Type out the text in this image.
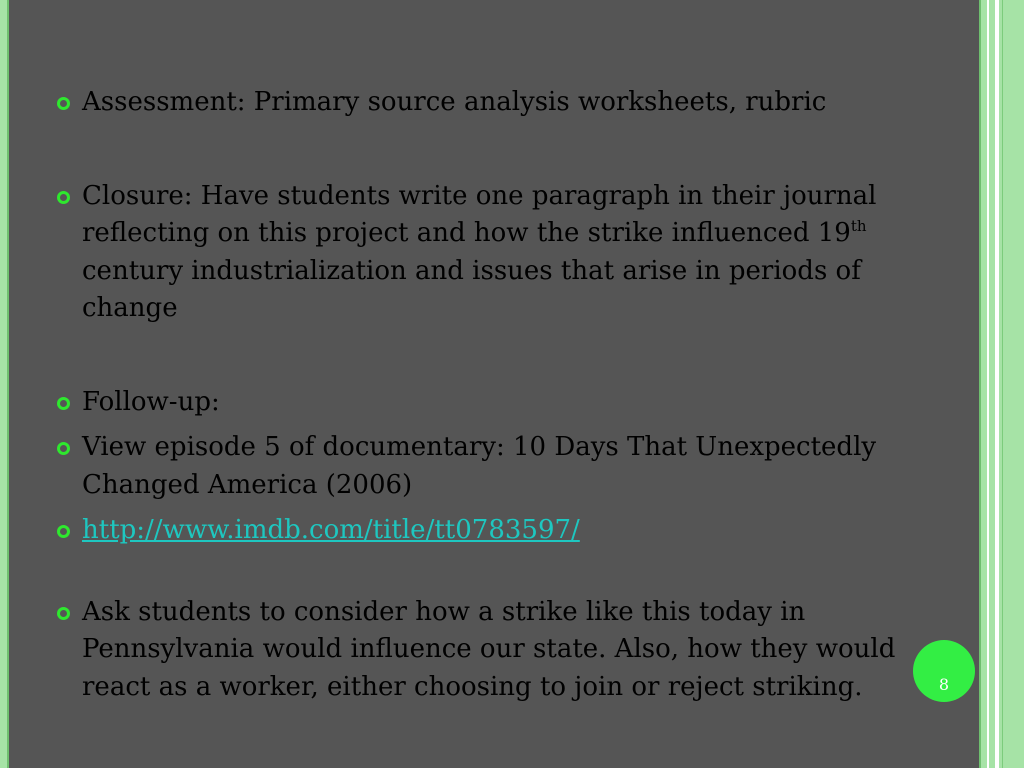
Assessment: Primary source analysis worksheets, rubric
Closure: Have students write one paragraph in their journal reflecting on this project and how the strike influenced 19th century industrialization and issues that arise in periods of change
Follow-up:
View episode 5 of documentary: 10 Days That Unexpectedly Changed America (2006)
http://www.imdb.com/title/tt0783597/
Ask students to consider how a strike like this today in Pennsylvania would influence our state. Also, how they would react as a worker, either choosing to join or reject striking.	8
